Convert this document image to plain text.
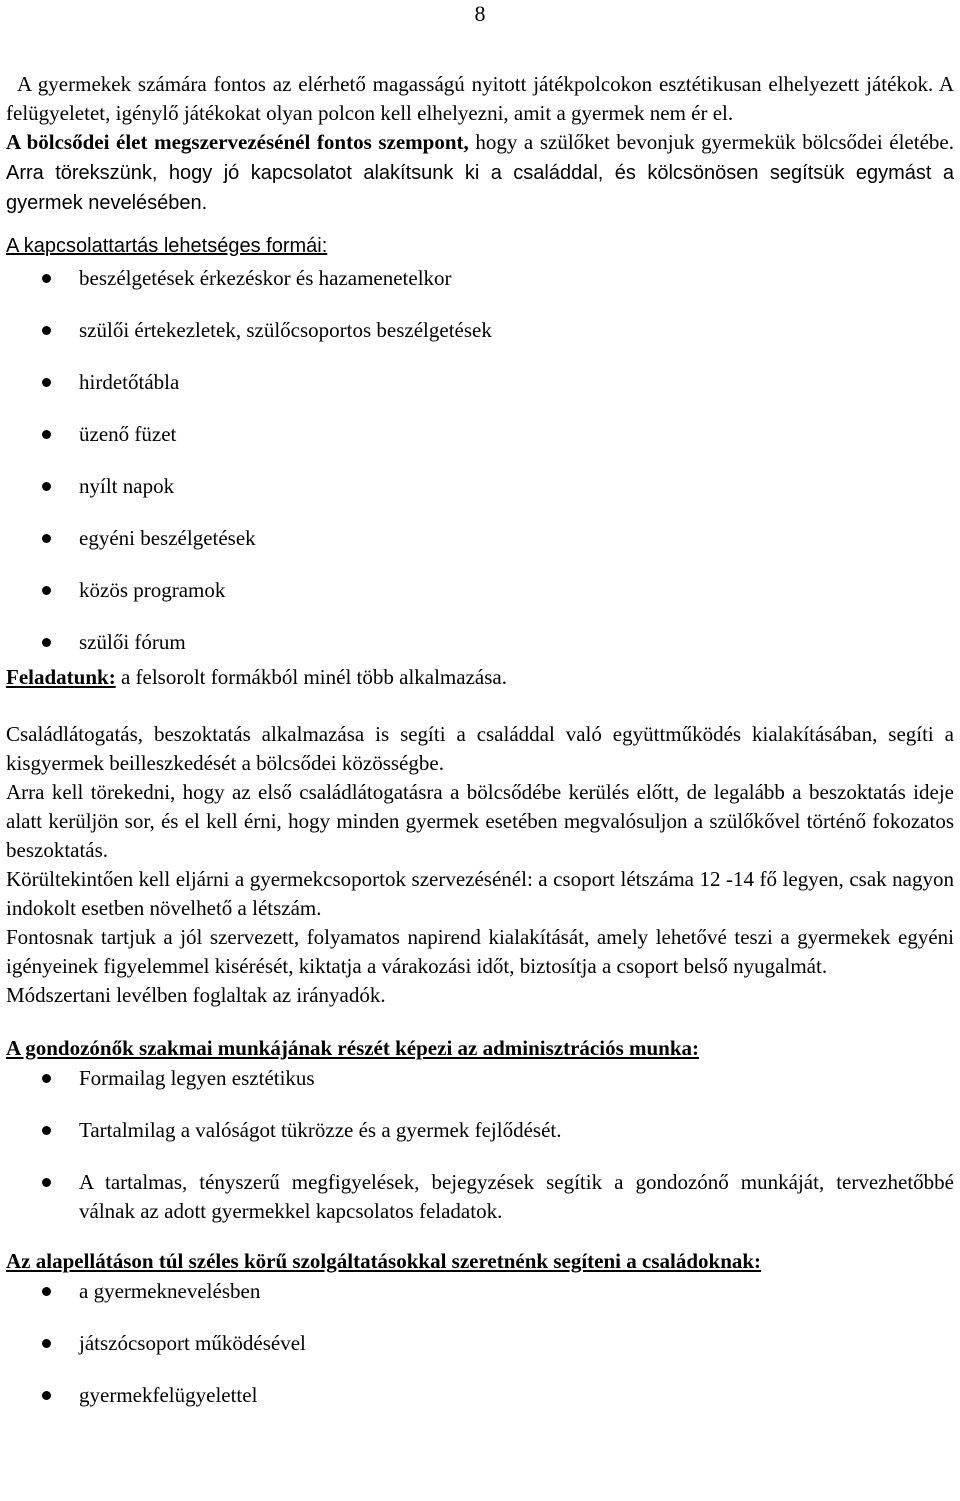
8

A gyermekek számára fontos az elérhető magasságú nyitott játékpolcokon esztétikusan elhelyezett játékok. A felügyeletet, igénylő játékokat olyan polcon kell elhelyezni, amit a gyermek nem ér el.

A bölcsődei élet megszervezésénél fontos szempont, hogy a szülőket bevonjuk gyermekük bölcsődei életébe. Arra törekszünk, hogy jó kapcsolatot alakítsunk ki a családdal, és kölcsönösen segítsük egymást a gyermek nevelésében.

A kapcsolattartás lehetséges formái:

beszélgetések érkezéskor és hazamenetelkor
szülői értekezletek, szülőcsoportos beszélgetések
hirdetőtábla
üzenő füzet
nyílt napok
egyéni beszélgetések
közös programok
szülői fórum

Feladatunk: a felsorolt formákból minél több alkalmazása.

Családlátogatás, beszoktatás alkalmazása is segíti a családdal való együttműködés kialakításában, segíti a kisgyermek beilleszkedését a bölcsődei közösségbe.

Arra kell törekedni, hogy az első családlátogatásra a bölcsődébe kerülés előtt, de legalább a beszoktatás ideje alatt kerüljön sor, és el kell érni, hogy minden gyermek esetében megvalósuljon a szülőkővel történő fokozatos beszoktatás.

Körültekintően kell eljárni a gyermekcsoportok szervezésénél: a csoport létszáma 12 -14 fő legyen, csak nagyon indokolt esetben növelhető a létszám.

Fontosnak tartjuk a jól szervezett, folyamatos napirend kialakítását, amely lehetővé teszi a gyermekek egyéni igényeinek figyelemmel kisérését, kiktatja a várakozási időt, biztosítja a csoport belső nyugalmát.

Módszertani levélben foglaltak az irányadók.

A gondozónők szakmai munkájának részét képezi az adminisztrációs munka:

Formailag legyen esztétikus
Tartalmilag a valóságot tükrözze és a gyermek fejlődését.
A tartalmas, tényszerű megfigyelések, bejegyzések segítik a gondozónő munkáját, tervezhetőbbé válnak az adott gyermekkel kapcsolatos feladatok.

Az alapellátáson túl széles körű szolgáltatásokkal szeretnénk segíteni a családoknak:

a gyermeknevelésben
játszócsoport működésével
gyermekfelügyelettel
